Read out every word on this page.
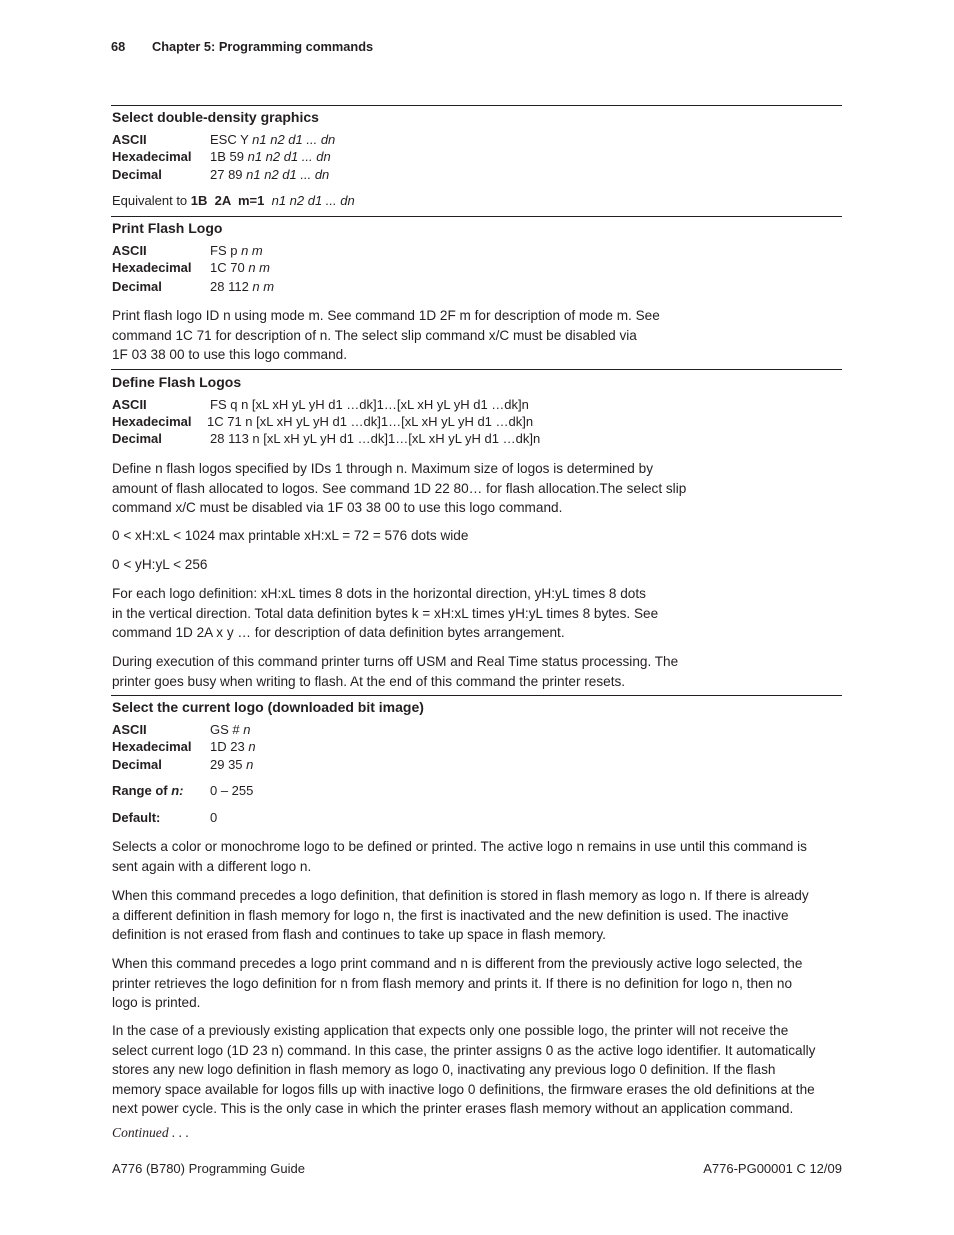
68 Chapter 5: Programming commands
Select double-density graphics
ASCII	ESC Y n1 n2 d1 ... dn
Hexadecimal 1B 59 n1 n2 d1 ... dn
Decimal	27 89 n1 n2 d1 ... dn
Equivalent to 1B  2A  m=1  n1 n2 d1 ... dn
Print Flash Logo
ASCII	FS p n m
Hexadecimal 1C 70 n m
Decimal	28 112 n m

Print flash logo ID n using mode m. See command 1D 2F m for description of mode m. See

command 1C 71 for description of n. The select slip command x/C must be disabled via

1F 03 38 00 to use this logo command.

Define Flash Logos
ASCII	FS q n [xL xH yL yH d1 …dk]1…[xL xH yL yH d1 …dk]n
Hexadecimal 1C 71 n [xL xH yL yH d1 …dk]1…[xL xH yL yH d1 …dk]n
Decimal	28 113 n [xL xH yL yH d1 …dk]1…[xL xH yL yH d1 …dk]n

Define n flash logos specified by IDs 1 through n. Maximum size of logos is determined by

amount of flash allocated to logos. See command 1D 22 80… for flash allocation.The select slip

command x/C must be disabled via 1F 03 38 00 to use this logo command.

0 < xH:xL < 1024 max printable xH:xL = 72 = 576 dots wide
0 < yH:yL < 256

For each logo definition: xH:xL times 8 dots in the horizontal direction, yH:yL times 8 dots

in the vertical direction. Total data definition bytes k = xH:xL times yH:yL times 8 bytes. See

command 1D 2A x y … for description of data definition bytes arrangement.

During execution of this command printer turns off USM and Real Time status processing. The

printer goes busy when writing to flash. At the end of this command the printer resets.

Select the current logo (downloaded bit image)
ASCII	GS # n
Hexadecimal 1D 23 n
Decimal	29 35 n
Range of n: 0 – 255
Default:	0

Selects a color or monochrome logo to be defined or printed. The active logo n remains in use until this command is

sent again with a different logo n.

When this command precedes a logo definition, that definition is stored in flash memory as logo n. If there is already

a different definition in flash memory for logo n, the first is inactivated and the new definition is used. The inactive

definition is not erased from flash and continues to take up space in flash memory.

When this command precedes a logo print command and n is different from the previously active logo selected, the

printer retrieves the logo definition for n from flash memory and prints it. If there is no definition for logo n, then no

logo is printed.

In the case of a previously existing application that expects only one possible logo, the printer will not receive the

select current logo (1D 23 n) command. In this case, the printer assigns 0 as the active logo identifier. It automatically

stores any new logo definition in flash memory as logo 0, inactivating any previous logo 0 definition. If the flash

memory space available for logos fills up with inactive logo 0 definitions, the firmware erases the old definitions at the

next power cycle. This is the only case in which the printer erases flash memory without an application command.

Continued . . .
A776 (B780) Programming Guide	A776-PG00001 C 12/09
